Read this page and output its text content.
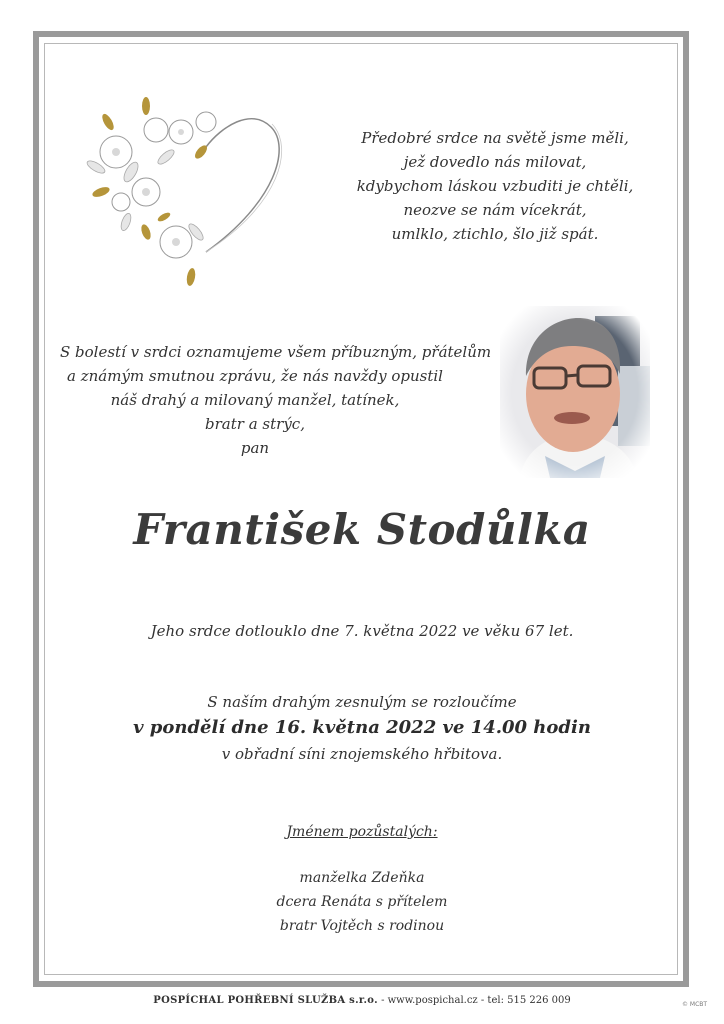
Předobré srdce na světě jsme měli,
jež dovedlo nás milovat,
kdybychom láskou vzbuditi je chtěli,
neozve se nám vícekrát,
umlklo, ztichlo, šlo již spát.
S bolestí v srdci oznamujeme všem příbuzným, přátelům
a známým smutnou zprávu, že nás navždy opustil
náš drahý a milovaný manžel, tatínek,
bratr a strýc,
pan
František Stodůlka
Jeho srdce dotlouklo dne 7. května 2022 ve věku 67 let.
S naším drahým zesnulým se rozloučíme
v pondělí dne 16. května 2022 ve 14.00 hodin
v obřadní síni znojemského hřbitova.
Jménem pozůstalých:
manželka Zdeňka
dcera Renáta s přítelem
bratr Vojtěch s rodinou
POSPÍCHAL POHŘEBNÍ SLUŽBA s.r.o. - www.pospichal.cz - tel: 515 226 009	© MCBT
